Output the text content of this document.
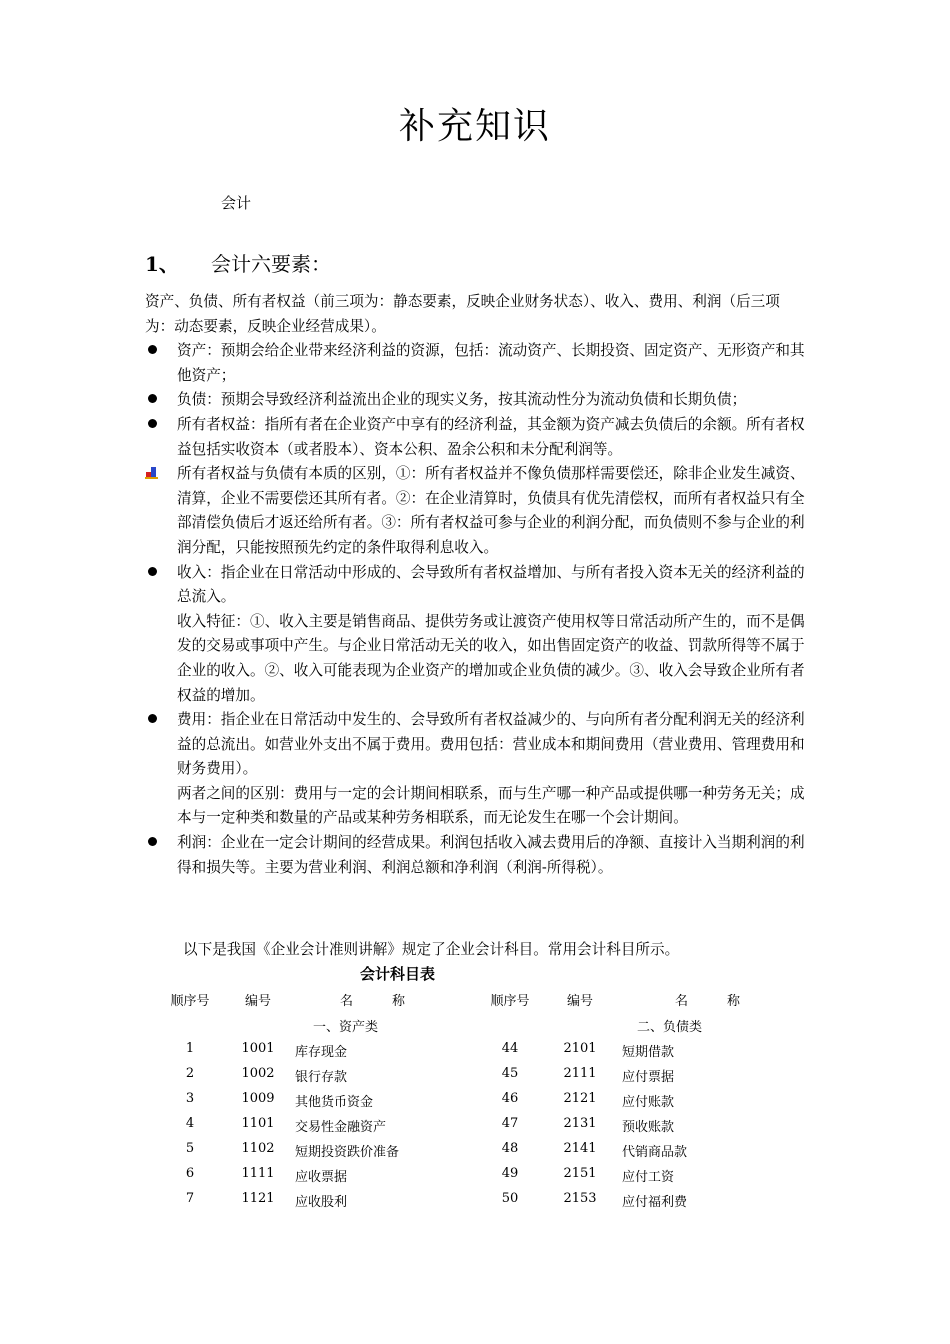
补充知识
会计
1、 会计六要素：
资产、负债、所有者权益（前三项为：静态要素，反映企业财务状态）、收入、费用、利润（后三项为：动态要素，反映企业经营成果）。
资产：预期会给企业带来经济利益的资源，包括：流动资产、长期投资、固定资产、无形资产和其他资产；
负债：预期会导致经济利益流出企业的现实义务，按其流动性分为流动负债和长期负债；
所有者权益：指所有者在企业资产中享有的经济利益，其金额为资产减去负债后的余额。所有者权益包括实收资本（或者股本）、资本公积、盈余公积和未分配利润等。
所有者权益与负债有本质的区别，①：所有者权益并不像负债那样需要偿还，除非企业发生减资、清算，企业不需要偿还其所有者。②：在企业清算时，负债具有优先清偿权，而所有者权益只有全部清偿负债后才返还给所有者。③：所有者权益可参与企业的利润分配，而负债则不参与企业的利润分配，只能按照预先约定的条件取得利息收入。
收入：指企业在日常活动中形成的、会导致所有者权益增加、与所有者投入资本无关的经济利益的总流入。
收入特征：①、收入主要是销售商品、提供劳务或让渡资产使用权等日常活动所产生的，而不是偶发的交易或事项中产生。与企业日常活动无关的收入，如出售固定资产的收益、罚款所得等不属于企业的收入。②、收入可能表现为企业资产的增加或企业负债的减少。③、收入会导致企业所有者权益的增加。
费用：指企业在日常活动中发生的、会导致所有者权益减少的、与向所有者分配利润无关的经济利益的总流出。如营业外支出不属于费用。费用包括：营业成本和期间费用（营业费用、管理费用和财务费用）。
两者之间的区别：费用与一定的会计期间相联系，而与生产哪一种产品或提供哪一种劳务无关；成本与一定种类和数量的产品或某种劳务相联系，而无论发生在哪一个会计期间。
利润：企业在一定会计期间的经营成果。利润包括收入减去费用后的净额、直接计入当期利润的利得和损失等。主要为营业利润、利润总额和净利润（利润-所得税）。
以下是我国《企业会计准则讲解》规定了企业会计科目。常用会计科目所示。
会计科目表
顺序号	编号	名　　　称	顺序号	编号	名　　　称
一、资产类	二、负债类
1	1001	库存现金	44	2101	短期借款
2	1002	银行存款	45	2111	应付票据
3	1009	其他货币资金	46	2121	应付账款
4	1101	交易性金融资产	47	2131	预收账款
5	1102	短期投资跌价准备	48	2141	代销商品款
6	1111	应收票据	49	2151	应付工资
7	1121	应收股利	50	2153	应付福利费
